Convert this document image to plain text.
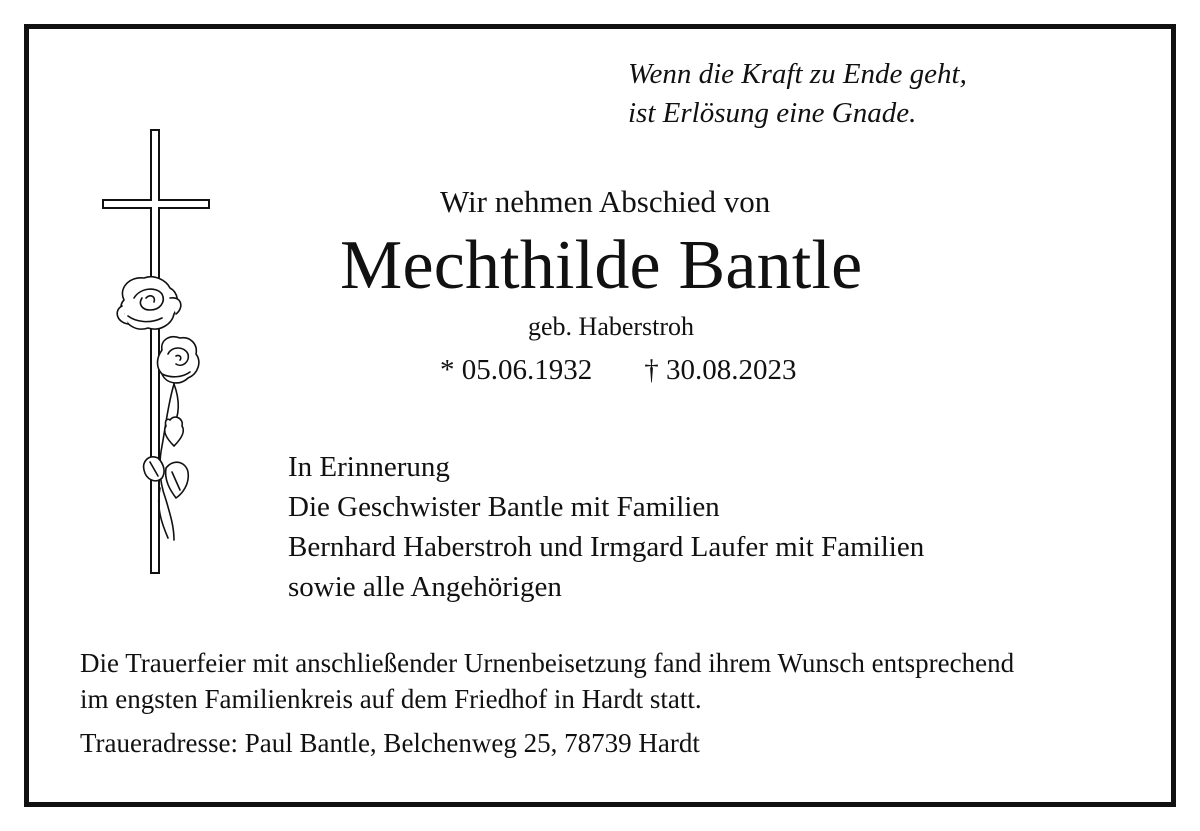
Wenn die Kraft zu Ende geht,
ist Erlösung eine Gnade.
Wir nehmen Abschied von
Mechthilde Bantle
geb. Haberstroh
* 05.06.1932 † 30.08.2023
In Erinnerung
Die Geschwister Bantle mit Familien
Bernhard Haberstroh und Irmgard Laufer mit Familien
sowie alle Angehörigen
Die Trauerfeier mit anschließender Urnenbeisetzung fand ihrem Wunsch entsprechend
im engsten Familienkreis auf dem Friedhof in Hardt statt.
Traueradresse: Paul Bantle, Belchenweg 25, 78739 Hardt
